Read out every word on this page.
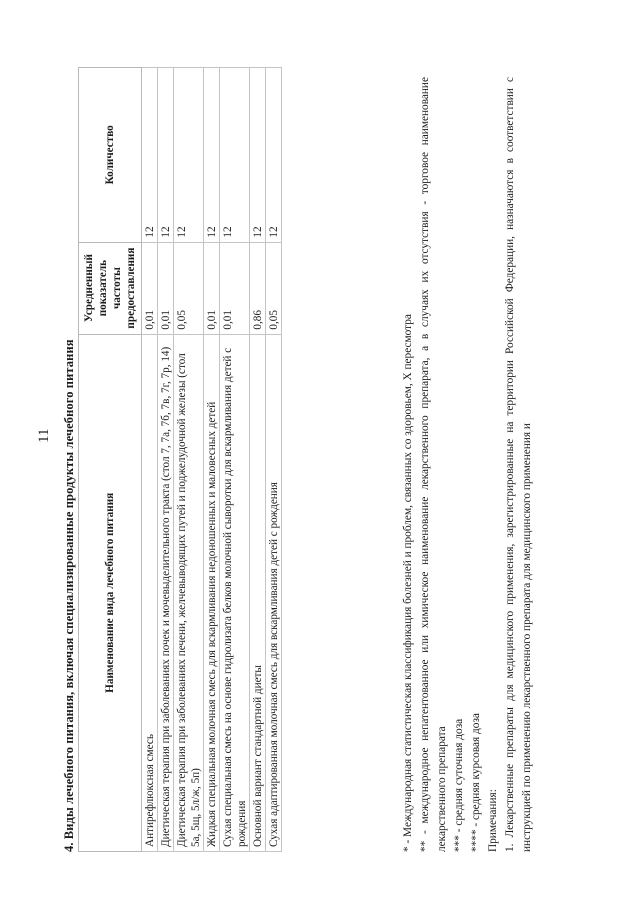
11 4. Виды лечебного питания, включая специализированные продукты лечебного питания	Наименование вида лечебного питания	Усредненный показатель частоты предоставления	Количество
Антирефлюксная смесь	0,01	12
Диетическая терапия при заболеваниях почек и мочевыделительного тракта (стол 7, 7а, 7б, 7в, 7г, 7р, 14)	0,01	12
Диетическая терапия при заболеваниях печени, желчевыводящих путей и поджелудочной железы (стол 5а, 5щ, 5л/ж, 5п)	0,05	12
Жидкая специальная молочная смесь для вскармливания недоношенных и маловесных детей	0,01	12
Сухая специальная смесь на основе гидролизата белков молочной сыворотки для вскармливания детей с рождения	0,01	12
Основной вариант стандартной диеты	0,86	12
Сухая адаптированная молочная смесь для вскармливания детей с рождения	0,05	12
* - Международная статистическая классификация болезней и проблем, связанных со здоровьем, X пересмотра ** - международное непатентованное или химическое наименование лекарственного препарата, а в случаях их отсутствия - торговое наименование лекарственного препарата *** - средняя суточная доза **** - средняя курсовая доза Примечания: 1. Лекарственные препараты для медицинского применения, зарегистрированные на территории Российской Федерации, назначаются в соответствии с инструкцией по применению лекарственного препарата для медицинского применения и
